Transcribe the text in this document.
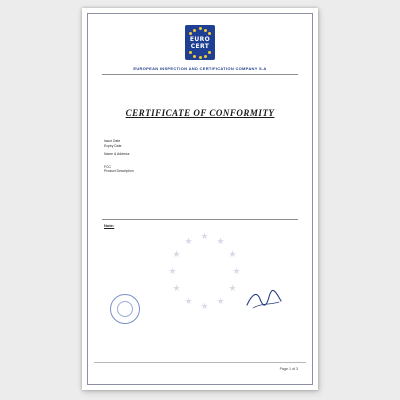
EURO
CERT
EUROPEAN INSPECTION AND CERTIFICATION COMPANY S.A
CERTIFICATE OF CONFORMITY
Issue Date
Expiry Date
Name & Address
FCC
Product Description
Note:
★ ★
★
★
★
★
★
★
★
★
★
★
Page 1 of 3
